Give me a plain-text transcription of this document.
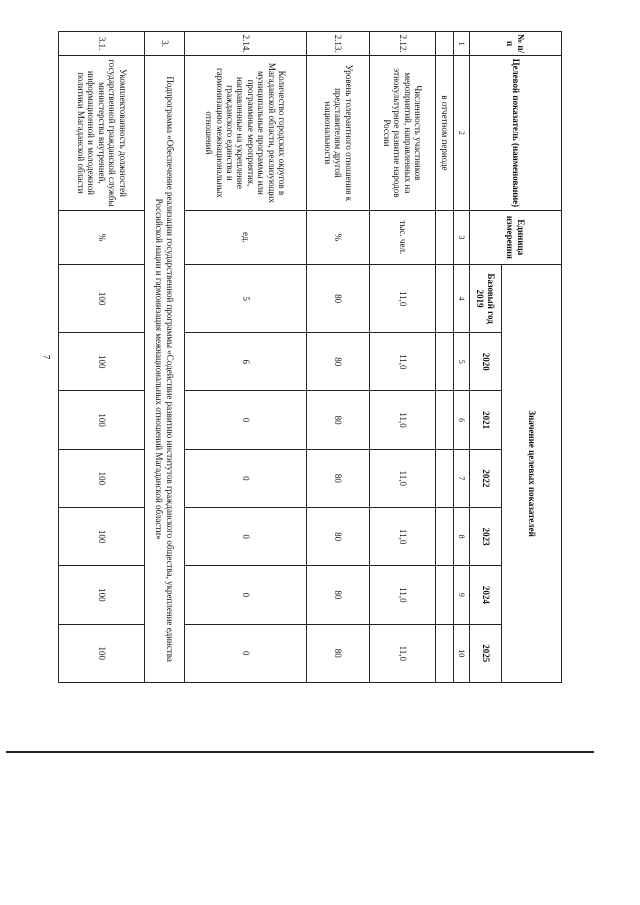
7
№ п/п	Целевой показатель (наименование)	Единица измерения	Значение целевых показателей						
			Базовый год 2019	2020	2021	2022	2023	2024	2025
1	2	3	4	5	6	7	8	9	10
	в отчетном периоде								
2.12.	Численность участников мероприятий, направленных на этнокультурное развитие народов России	тыс. чел.	11,0	11,0	11,0	11,0	11,0	11,0	11,0
2.13.	Уровень толерантного отношения к представителям другой национальности	%	80	80	80	80	80	80	80
2.14.	Количество городских округов в Магаданской области, реализующих муниципальные программы или программные мероприятия, направленные на укрепление гражданского единства и гармонизацию межнациональных отношений	ед.	5	6	0	0	0	0	0
3.	Подпрограмма «Обеспечение реализации государственной программы «Содействие развитию институтов гражданского общества, укрепление единства Российской нации и гармонизация межнациональных отношений Магаданской области»								
3.1.	Укомплектованность должностей государственной гражданской службы министерства внутренней, информационной и молодежной политики Магаданской области	%	100	100	100	100	100	100	100
